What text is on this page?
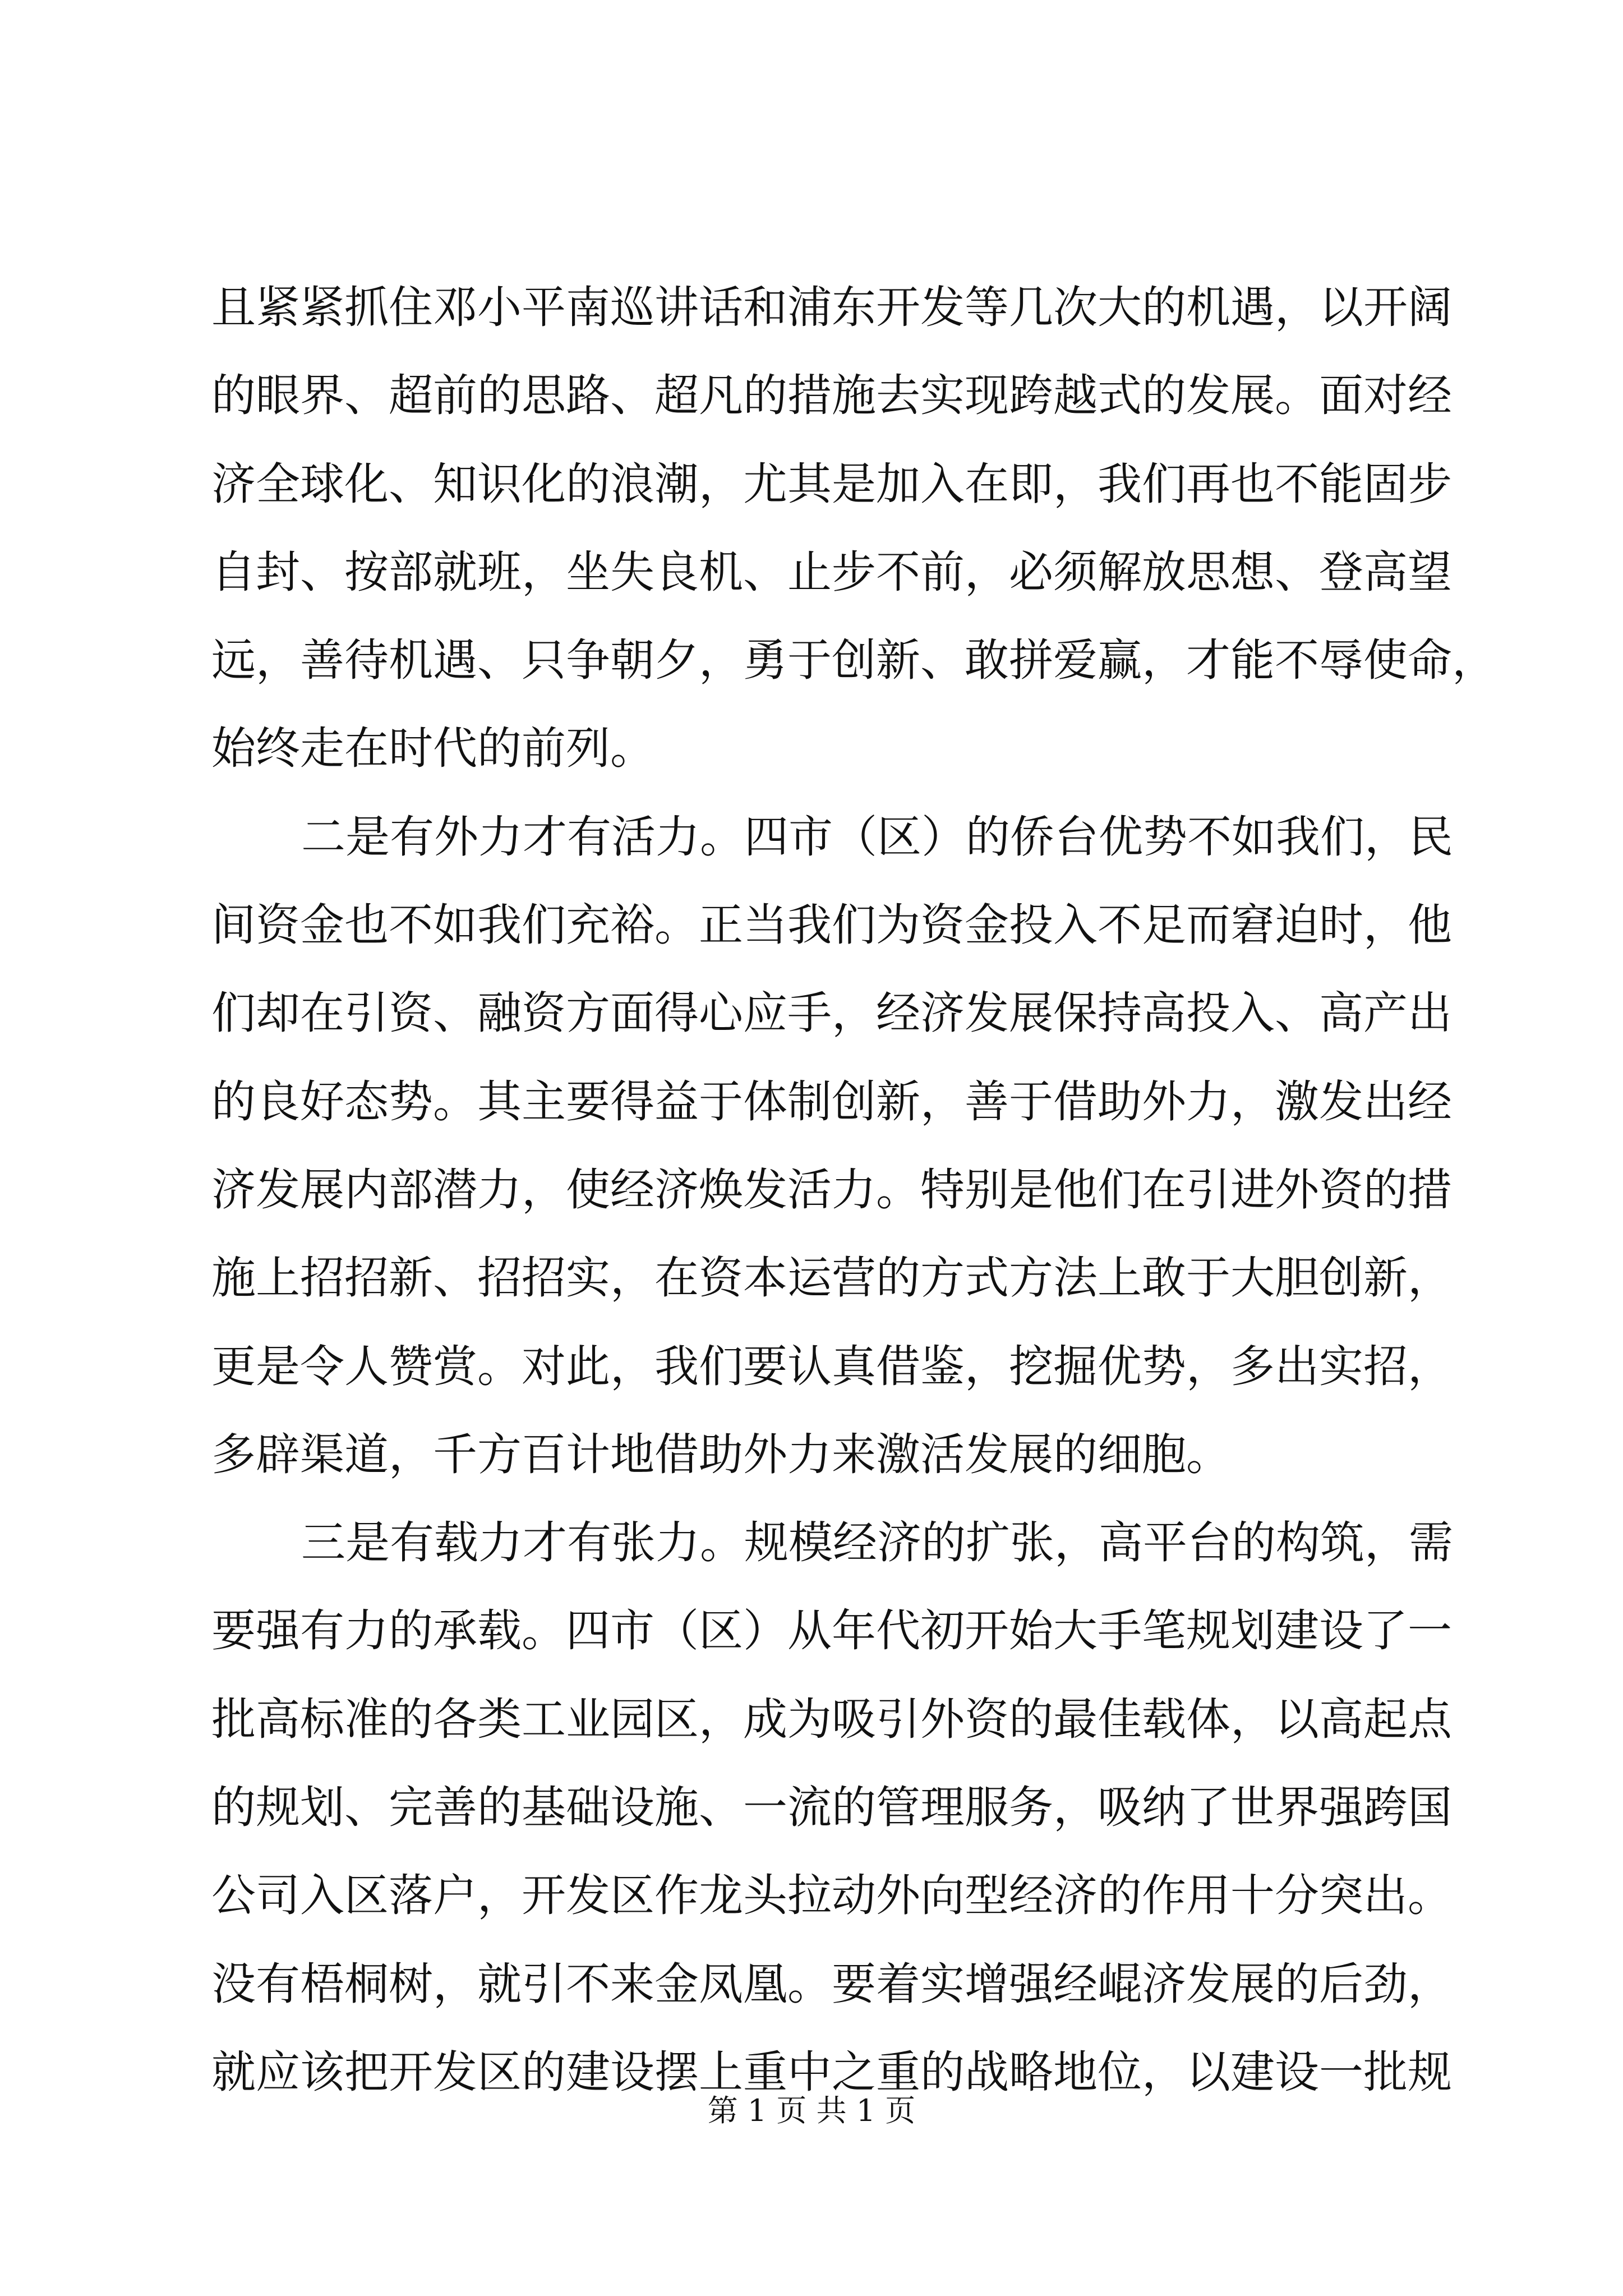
且紧紧抓住邓小平南巡讲话和浦东开发等几次大的机遇，以开阔
的眼界、超前的思路、超凡的措施去实现跨越式的发展。面对经
济全球化、知识化的浪潮，尤其是加入在即，我们再也不能固步
自封、按部就班，坐失良机、止步不前，必须解放思想、登高望
远，善待机遇、只争朝夕，勇于创新、敢拼爱赢，才能不辱使命，
始终走在时代的前列。
二是有外力才有活力。四市（区）的侨台优势不如我们，民
间资金也不如我们充裕。正当我们为资金投入不足而窘迫时，他
们却在引资、融资方面得心应手，经济发展保持高投入、高产出
的良好态势。其主要得益于体制创新，善于借助外力，激发出经
济发展内部潜力，使经济焕发活力。特别是他们在引进外资的措
施上招招新、招招实，在资本运营的方式方法上敢于大胆创新，
更是令人赞赏。对此，我们要认真借鉴，挖掘优势，多出实招，
多辟渠道，千方百计地借助外力来激活发展的细胞。
三是有载力才有张力。规模经济的扩张，高平台的构筑，需
要强有力的承载。四市（区）从年代初开始大手笔规划建设了一
批高标准的各类工业园区，成为吸引外资的最佳载体，以高起点
的规划、完善的基础设施、一流的管理服务，吸纳了世界强跨国
公司入区落户，开发区作龙头拉动外向型经济的作用十分突出。
没有梧桐树，就引不来金凤凰。要着实增强经崐济发展的后劲，
就应该把开发区的建设摆上重中之重的战略地位，以建设一批规
第 1 页 共 1 页
